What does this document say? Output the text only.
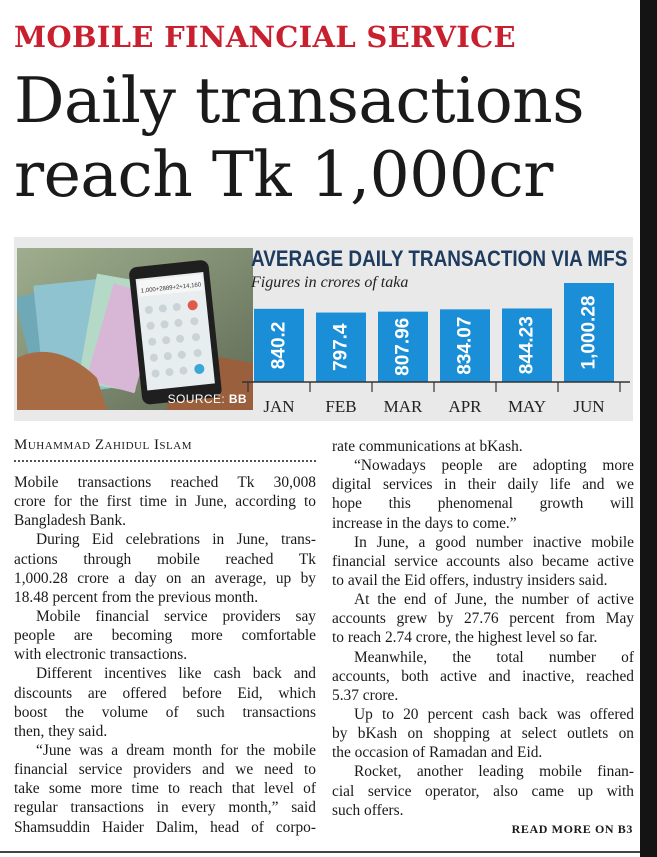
MOBILE FINANCIAL SERVICE
Daily transactions
reach Tk 1,000cr
1,000+2889+2+14,160
SOURCE: BB
AVERAGE DAILY TRANSACTION VIA MFS
Figures in crores of taka
840.2 797.4 807.96 834.07 844.23 1,000.28
JAN FEB MAR APR MAY JUN
Muhammad Zahidul Islam
Mobile transactions reached Tk 30,008
crore for the first time in June, according to
Bangladesh Bank.
During Eid celebrations in June, trans-
actions through mobile reached Tk
1,000.28 crore a day on an average, up by
18.48 percent from the previous month.
Mobile financial service providers say
people are becoming more comfortable
with electronic transactions.
Different incentives like cash back and
discounts are offered before Eid, which
boost the volume of such transactions
then, they said.
“June was a dream month for the mobile
financial service providers and we need to
take some more time to reach that level of
regular transactions in every month,” said
Shamsuddin Haider Dalim, head of corpo-
rate communications at bKash.
“Nowadays people are adopting more
digital services in their daily life and we
hope this phenomenal growth will
increase in the days to come.”
In June, a good number inactive mobile
financial service accounts also became active
to avail the Eid offers, industry insiders said.
At the end of June, the number of active
accounts grew by 27.76 percent from May
to reach 2.74 crore, the highest level so far.
Meanwhile, the total number of
accounts, both active and inactive, reached
5.37 crore.
Up to 20 percent cash back was offered
by bKash on shopping at select outlets on
the occasion of Ramadan and Eid.
Rocket, another leading mobile finan-
cial service operator, also came up with
such offers.
READ MORE ON B3
